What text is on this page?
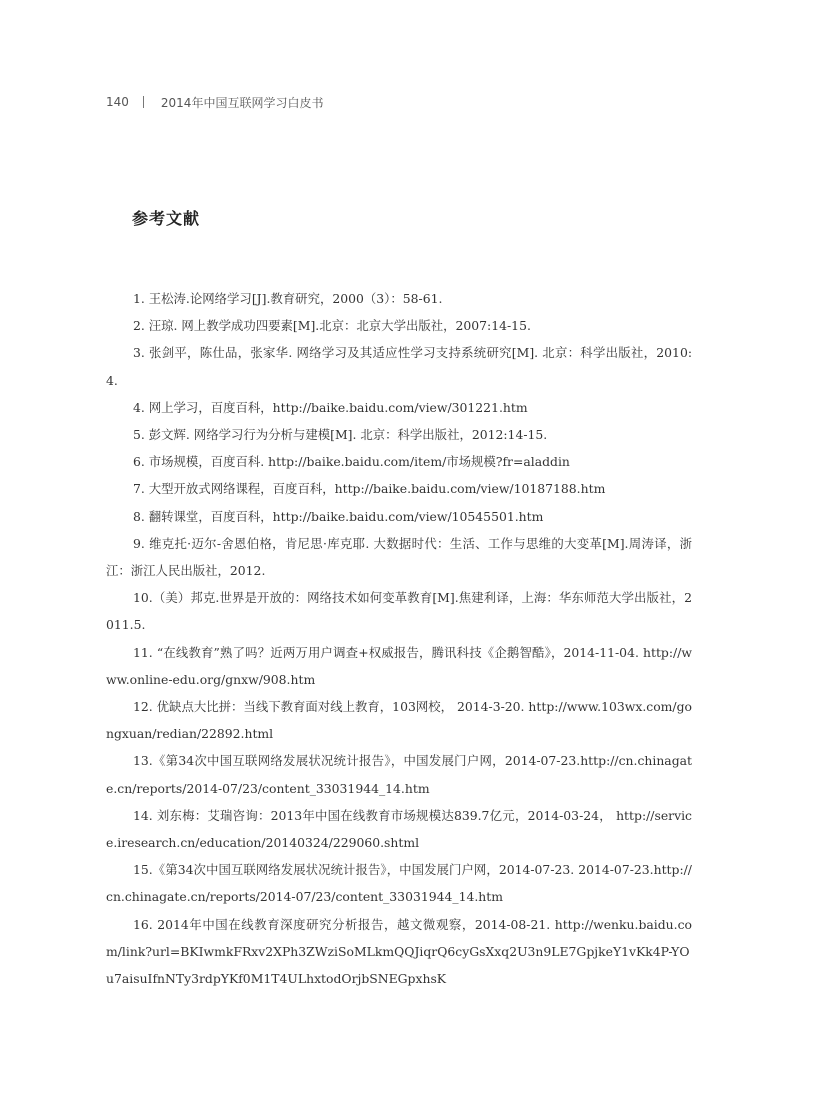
140	2014年中国互联网学习白皮书
参考文献

1. 王松涛.论网络学习[J].教育研究，2000（3）：58-61.

2. 汪琼. 网上教学成功四要素[M].北京：北京大学出版社，2007:14-15.

3. 张剑平，陈仕品，张家华. 网络学习及其适应性学习支持系统研究[M]. 北京：科学出版社，2010:4.

4. 网上学习，百度百科，http://baike.baidu.com/view/301221.htm

5. 彭文辉. 网络学习行为分析与建模[M]. 北京：科学出版社，2012:14-15.

6. 市场规模，百度百科. http://baike.baidu.com/item/市场规模?fr=aladdin

7. 大型开放式网络课程，百度百科，http://baike.baidu.com/view/10187188.htm

8. 翻转课堂，百度百科，http://baike.baidu.com/view/10545501.htm

9. 维克托·迈尔-舍恩伯格，肯尼思·库克耶. 大数据时代：生活、工作与思维的大变革[M].周涛译，浙江：浙江人民出版社，2012.

10.（美）邦克.世界是开放的：网络技术如何变革教育[M].焦建利译，上海：华东师范大学出版社，2011.5.

11. “在线教育”熟了吗？近两万用户调查+权威报告，腾讯科技《企鹅智酷》，2014-11-04. http://www.online-edu.org/gnxw/908.htm

12. 优缺点大比拼：当线下教育面对线上教育，103网校， 2014-3-20. http://www.103wx.com/gongxuan/redian/22892.html

13.《第34次中国互联网络发展状况统计报告》，中国发展门户网，2014-07-23.http://cn.chinagate.cn/reports/2014-07/23/content_33031944_14.htm

14. 刘东梅：艾瑞咨询：2013年中国在线教育市场规模达839.7亿元，2014-03-24， http://service.iresearch.cn/education/20140324/229060.shtml

15.《第34次中国互联网络发展状况统计报告》，中国发展门户网，2014-07-23. 2014-07-23.http://cn.chinagate.cn/reports/2014-07/23/content_33031944_14.htm

16. 2014年中国在线教育深度研究分析报告，越文微观察，2014-08-21. http://wenku.baidu.com/link?url=BKIwmkFRxv2XPh3ZWziSoMLkmQQJiqrQ6cyGsXxq2U3n9LE7GpjkeY1vKk4P-YOu7aisuIfnNTy3rdpYKf0M1T4ULhxtodOrjbSNEGpxhsK
